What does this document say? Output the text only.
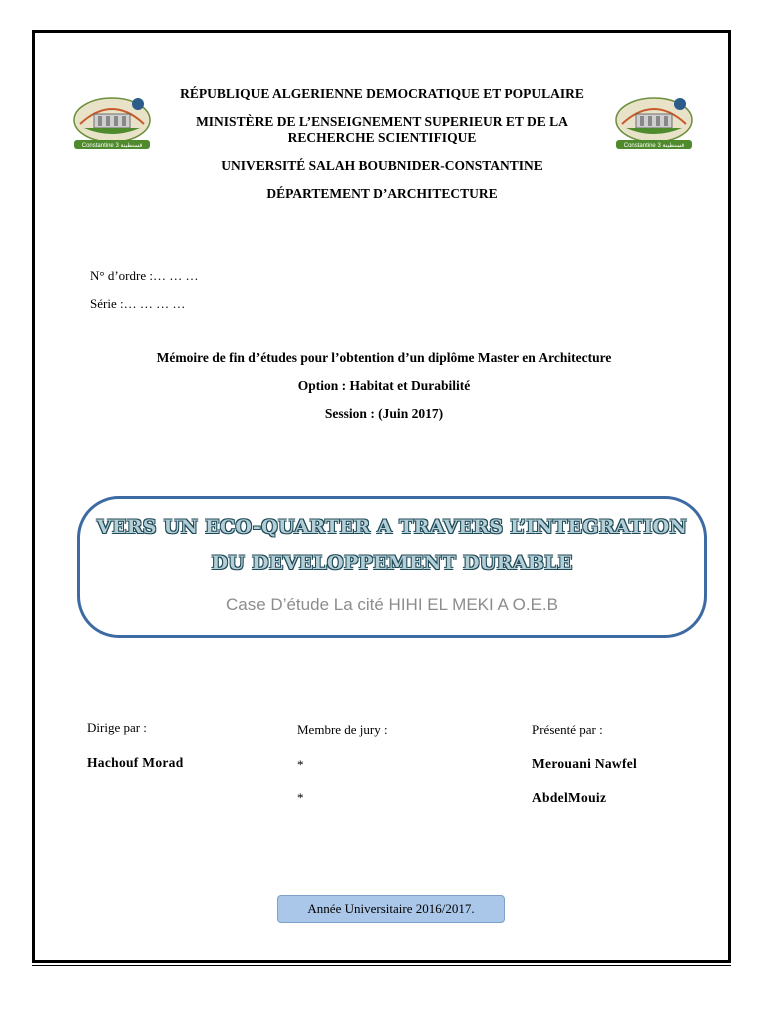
Constantine 3 قسنطينة	Constantine 3 قسنطينة
RÉPUBLIQUE ALGERIENNE DEMOCRATIQUE ET POPULAIRE
MINISTÈRE DE L’ENSEIGNEMENT SUPERIEUR ET DE LA
RECHERCHE SCIENTIFIQUE
UNIVERSITÉ SALAH BOUBNIDER-CONSTANTINE
DÉPARTEMENT D’ARCHITECTURE
N° d’ordre :… … …
Série :… … … …
Mémoire de fin d’études pour l’obtention d’un diplôme Master en Architecture
Option : Habitat et Durabilité
Session : (Juin 2017)
VERS UN ECO-QUARTER A TRAVERS L’INTEGRATION
DU DEVELOPPEMENT DURABLE
Case D’étude La cité HIHI EL MEKI A O.E.B
Dirige par :
Hachouf Morad
Membre de jury :
*
*
Présenté par :
Merouani Nawfel
AbdelMouiz
Année Universitaire 2016/2017.
